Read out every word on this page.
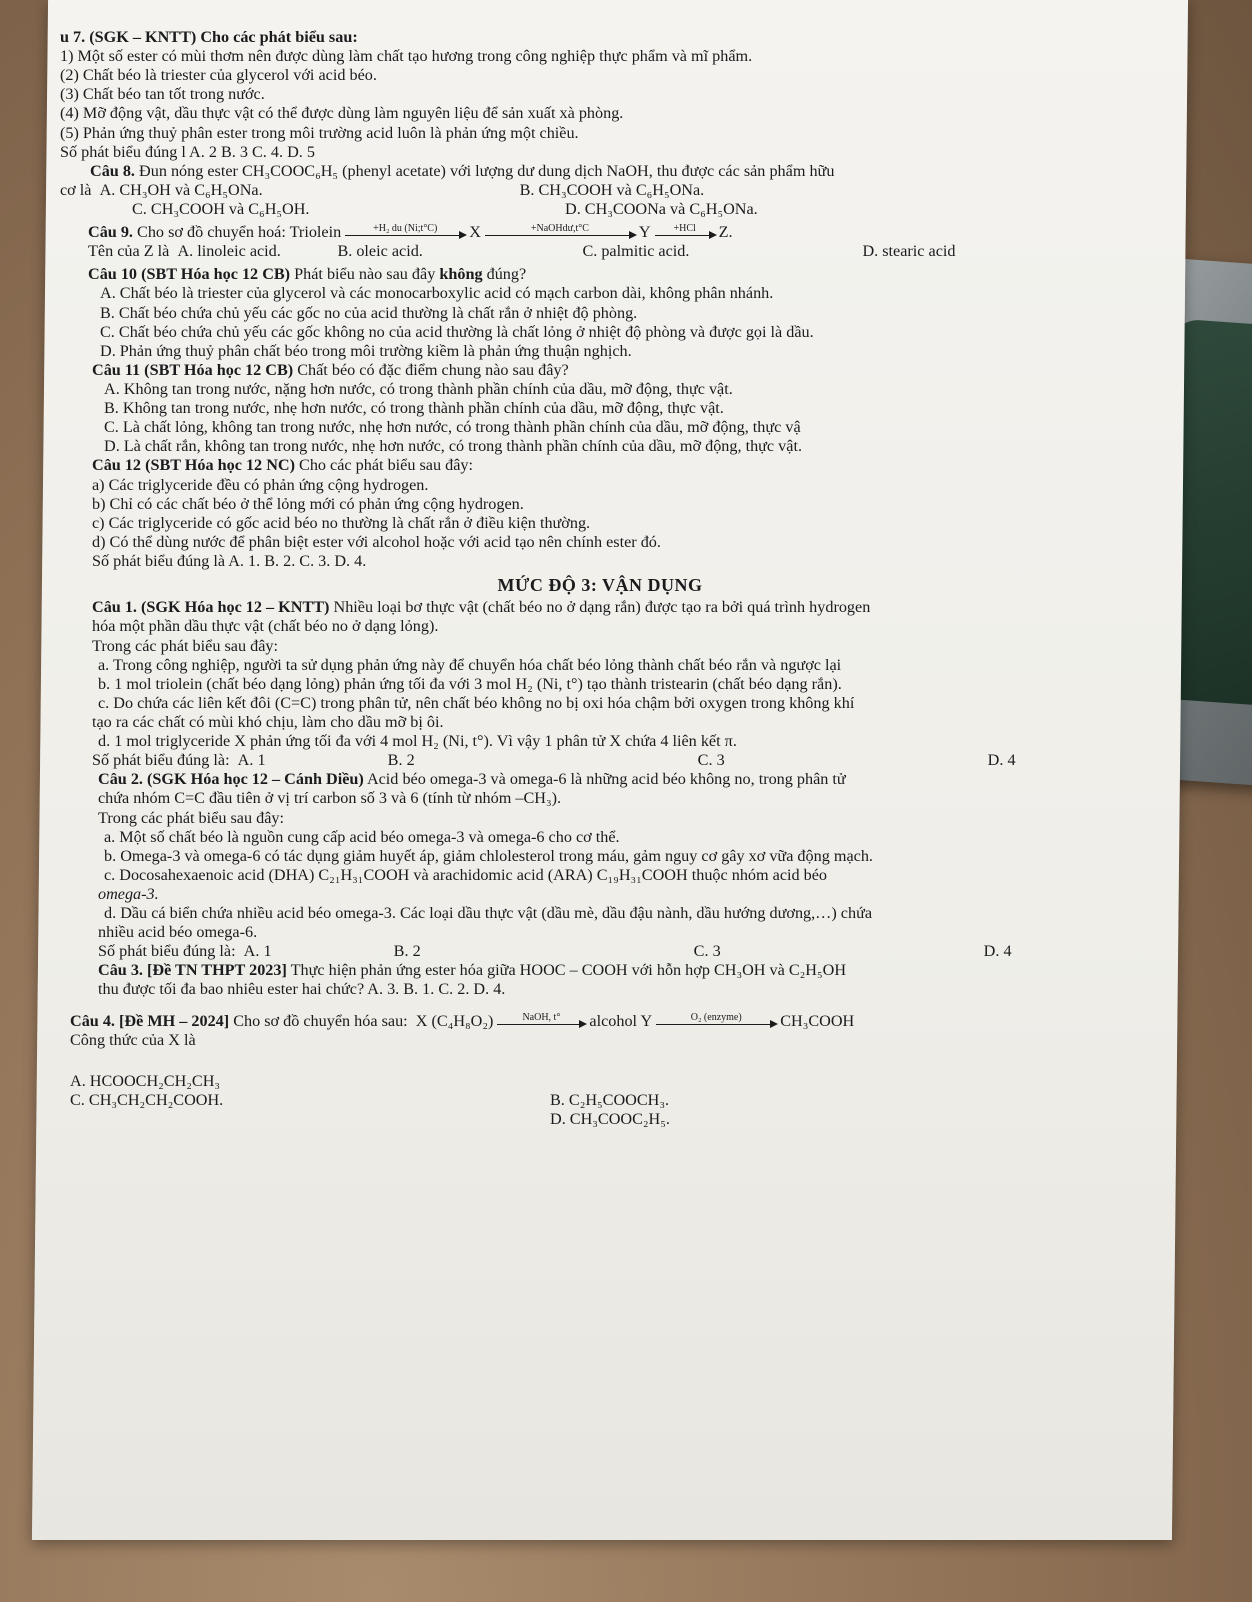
u 7. (SGK – KNTT) Cho các phát biểu sau:
1) Một số ester có mùi thơm nên được dùng làm chất tạo hương trong công nghiệp thực phẩm và mĩ phẩm.
(2) Chất béo là triester của glycerol với acid béo.
(3) Chất béo tan tốt trong nước.
(4) Mỡ động vật, dầu thực vật có thể được dùng làm nguyên liệu để sản xuất xà phòng.
(5) Phản ứng thuỷ phân ester trong môi trường acid luôn là phản ứng một chiều.
Số phát biểu đúng l A. 2 B. 3 C. 4. D. 5
Câu 8. Đun nóng ester CH₃COOC₆H₅ (phenyl acetate) với lượng dư dung dịch NaOH, thu được các sản phẩm hữu
cơ là A. CH₃OH và C₆H₅ONa.	B. CH₃COOH và C₆H₅ONa.
C. CH₃COOH và C₆H₅OH.	D. CH₃COONa và C₆H₅ONa.
Câu 9. Cho sơ đồ chuyển hoá: Triolein	+H₂ du (Ni;t°C) X	+NaOHdư,t°C	Y +HCl Z.
Tên của Z là A. linoleic acid.	B. oleic acid.	C. palmitic acid.	D. stearic acid
Câu 10 (SBT Hóa học 12 CB) Phát biểu nào sau đây không đúng?
A. Chất béo là triester của glycerol và các monocarboxylic acid có mạch carbon dài, không phân nhánh.
B. Chất béo chứa chủ yếu các gốc no của acid thường là chất rắn ở nhiệt độ phòng.
C. Chất béo chứa chủ yếu các gốc không no của acid thường là chất lỏng ở nhiệt độ phòng và được gọi là dầu.
D. Phản ứng thuỷ phân chất béo trong môi trường kiềm là phản ứng thuận nghịch.
Câu 11 (SBT Hóa học 12 CB) Chất béo có đặc điểm chung nào sau đây?
A. Không tan trong nước, nặng hơn nước, có trong thành phần chính của dầu, mỡ động, thực vật.
B. Không tan trong nước, nhẹ hơn nước, có trong thành phần chính của dầu, mỡ động, thực vật.
C. Là chất lỏng, không tan trong nước, nhẹ hơn nước, có trong thành phần chính của dầu, mỡ động, thực vậ
D. Là chất rắn, không tan trong nước, nhẹ hơn nước, có trong thành phần chính của dầu, mỡ động, thực vật.
Câu 12 (SBT Hóa học 12 NC) Cho các phát biểu sau đây:
a) Các triglyceride đều có phản ứng cộng hydrogen.
b) Chỉ có các chất béo ở thể lỏng mới có phản ứng cộng hydrogen.
c) Các triglyceride có gốc acid béo no thường là chất rắn ở điều kiện thường.
d) Có thể dùng nước để phân biệt ester với alcohol hoặc với acid tạo nên chính ester đó.
Số phát biểu đúng là A. 1. B. 2. C. 3. D. 4.
MỨC ĐỘ 3: VẬN DỤNG
Câu 1. (SGK Hóa học 12 – KNTT) Nhiều loại bơ thực vật (chất béo no ở dạng rắn) được tạo ra bởi quá trình hydrogen
hóa một phần dầu thực vật (chất béo no ở dạng lỏng).
Trong các phát biểu sau đây:
a. Trong công nghiệp, người ta sử dụng phản ứng này để chuyển hóa chất béo lỏng thành chất béo rắn và ngược lại
b. 1 mol triolein (chất béo dạng lỏng) phản ứng tối đa với 3 mol H₂ (Ni, t°) tạo thành tristearin (chất béo dạng rắn).
c. Do chứa các liên kết đôi (C=C) trong phân tử, nên chất béo không no bị oxi hóa chậm bởi oxygen trong không khí
tạo ra các chất có mùi khó chịu, làm cho dầu mỡ bị ôi.
d. 1 mol triglyceride X phản ứng tối đa với 4 mol H₂ (Ni, t°). Vì vậy 1 phân tử X chứa 4 liên kết π.
Số phát biểu đúng là: A. 1	B. 2	C. 3	D. 4
Câu 2. (SGK Hóa học 12 – Cánh Diều) Acid béo omega-3 và omega-6 là những acid béo không no, trong phân tử
chứa nhóm C=C đầu tiên ở vị trí carbon số 3 và 6 (tính từ nhóm –CH₃).
Trong các phát biểu sau đây:
a. Một số chất béo là nguồn cung cấp acid béo omega-3 và omega-6 cho cơ thể.
b. Omega-3 và omega-6 có tác dụng giảm huyết áp, giảm chlolesterol trong máu, gảm nguy cơ gây xơ vữa động mạch.
c. Docosahexaenoic acid (DHA) C₂₁H₃₁COOH và arachidomic acid (ARA) C₁₉H₃₁COOH thuộc nhóm acid béo
omega-3.
d. Dầu cá biển chứa nhiều acid béo omega-3. Các loại dầu thực vật (dầu mè, dầu đậu nành, dầu hướng dương,…) chứa
nhiều acid béo omega-6.
Số phát biểu đúng là: A. 1	B. 2	C. 3	D. 4
Câu 3. [Đề TN THPT 2023] Thực hiện phản ứng ester hóa giữa HOOC – COOH với hỗn hợp CH₃OH và C₂H₅OH
thu được tối đa bao nhiêu ester hai chức? A. 3. B. 1. C. 2. D. 4.
Câu 4. [Đề MH – 2024] Cho sơ đồ chuyển hóa sau:
X (C₄H₈O₂)	NaOH, t° alcohol Y	O₂ (enzyme) CH₃COOH
Công thức của X là
A. HCOOCH₂CH₂CH₃
C. CH₃CH₂CH₂COOH.	B. C₂H₅COOCH₃.
D. CH₃COOC₂H₅.
